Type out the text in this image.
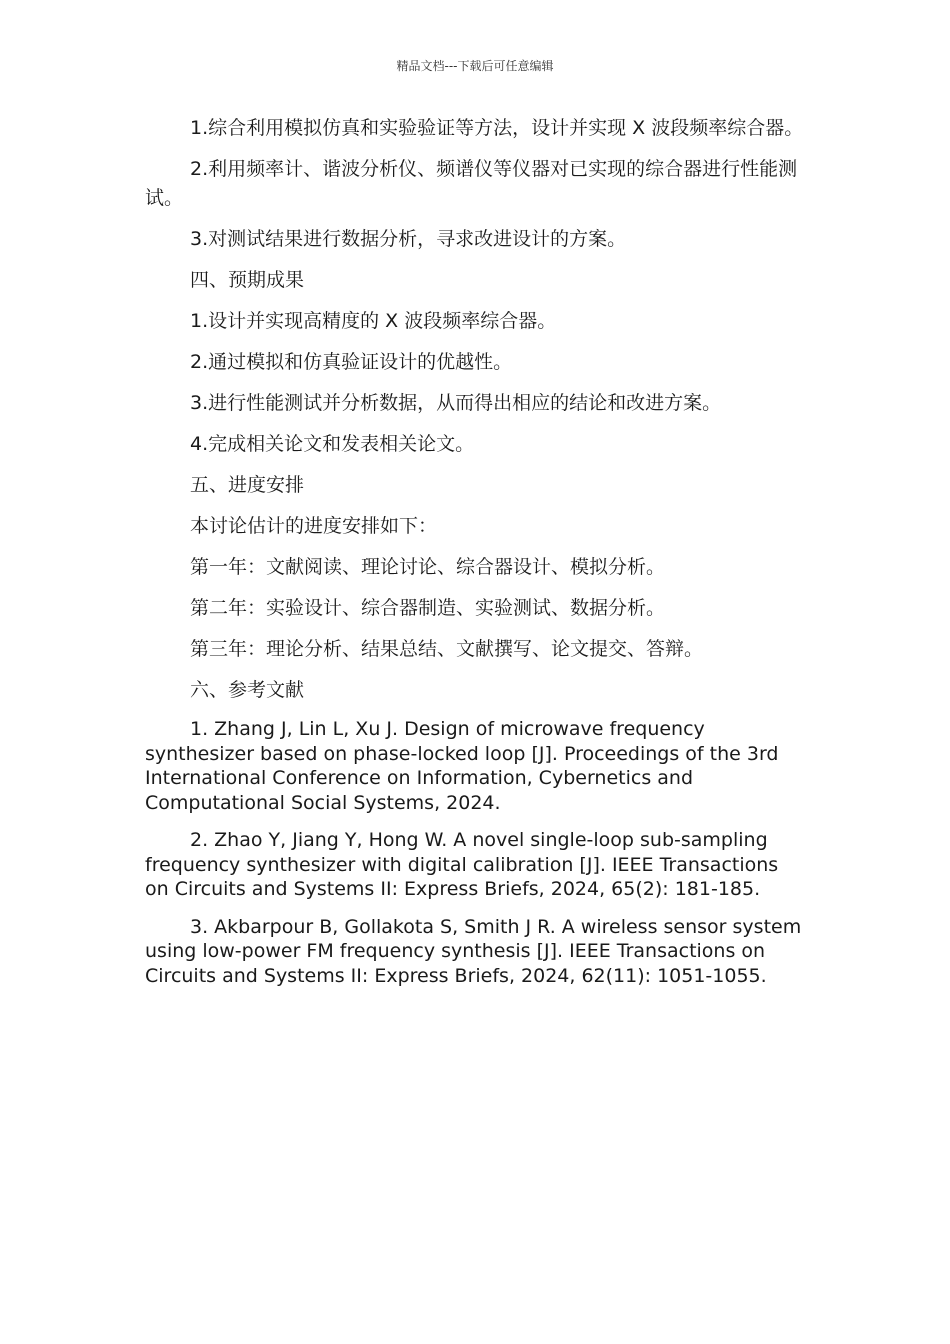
精品文档---下载后可任意编辑

1.综合利用模拟仿真和实验验证等方法，设计并实现 X 波段频率综合器。

2.利用频率计、谐波分析仪、频谱仪等仪器对已实现的综合器进行性能测试。

3.对测试结果进行数据分析，寻求改进设计的方案。

四、预期成果

1.设计并实现高精度的 X 波段频率综合器。

2.通过模拟和仿真验证设计的优越性。

3.进行性能测试并分析数据，从而得出相应的结论和改进方案。

4.完成相关论文和发表相关论文。

五、进度安排

本讨论估计的进度安排如下：

第一年：文献阅读、理论讨论、综合器设计、模拟分析。

第二年：实验设计、综合器制造、实验测试、数据分析。

第三年：理论分析、结果总结、文献撰写、论文提交、答辩。

六、参考文献

1. Zhang J, Lin L, Xu J. Design of microwave frequency synthesizer based on phase-locked loop [J]. Proceedings of the 3rd International Conference on Information, Cybernetics and Computational Social Systems, 2024.

2. Zhao Y, Jiang Y, Hong W. A novel single-loop sub-sampling frequency synthesizer with digital calibration [J]. IEEE Transactions on Circuits and Systems II: Express Briefs, 2024, 65(2): 181-185.

3. Akbarpour B, Gollakota S, Smith J R. A wireless sensor system using low-power FM frequency synthesis [J]. IEEE Transactions on Circuits and Systems II: Express Briefs, 2024, 62(11): 1051-1055.
